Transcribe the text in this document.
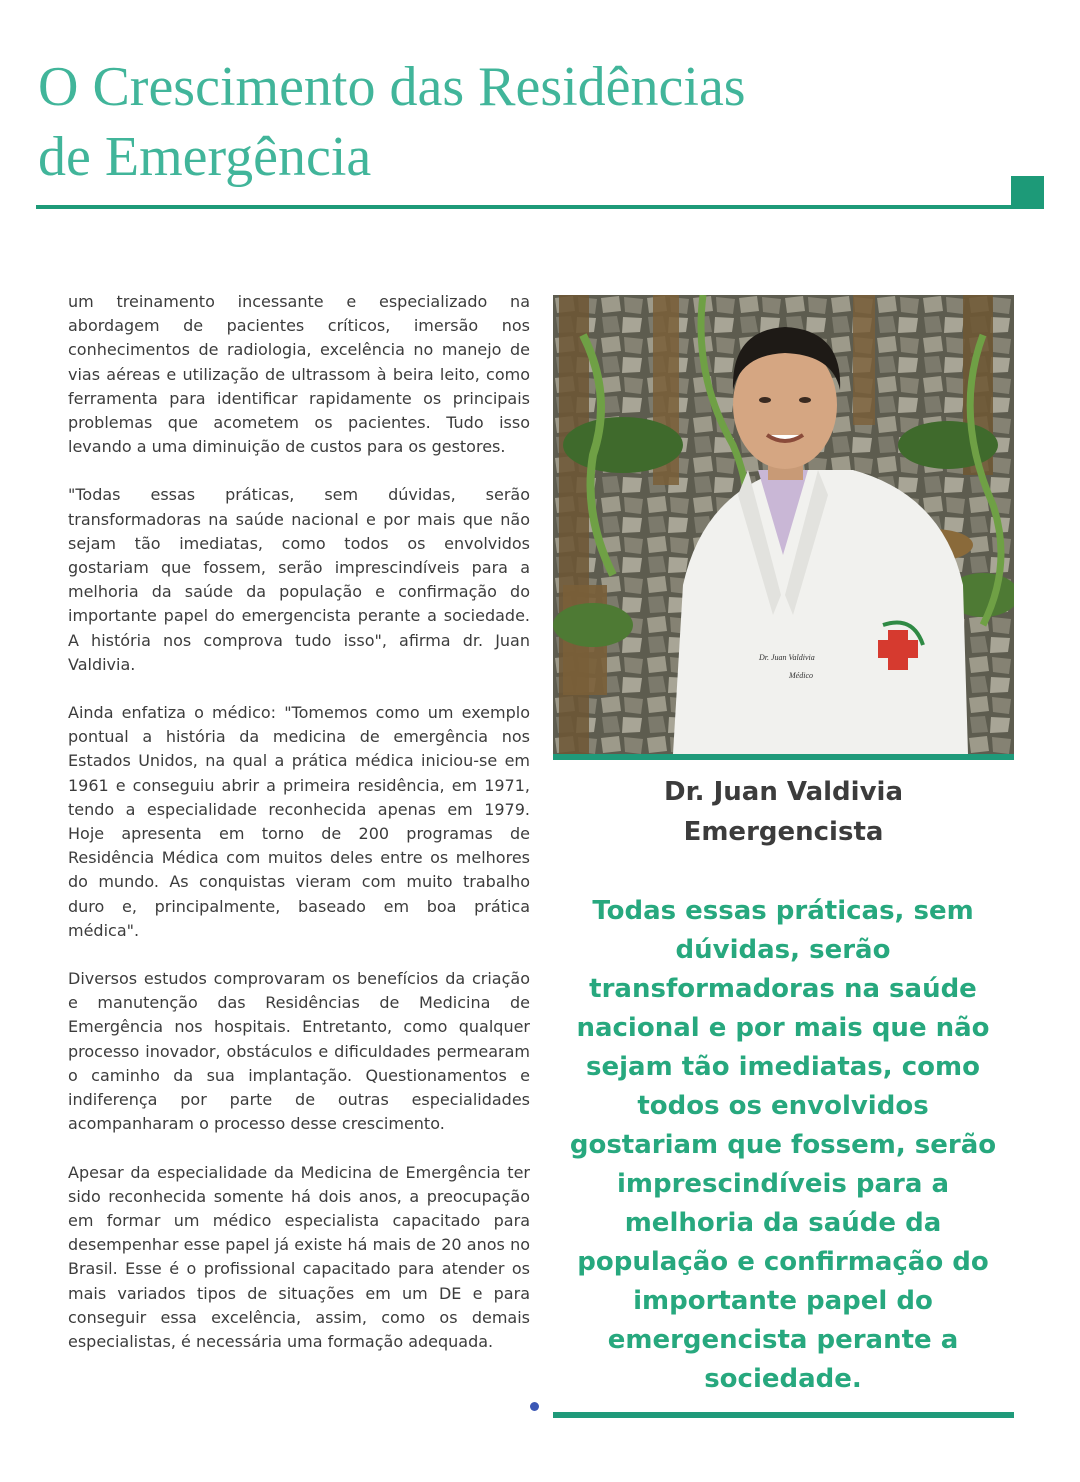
O Crescimento das Residências
de Emergência

um treinamento incessante e especializado na abordagem de pacientes críticos, imersão nos conhecimentos de radiologia, excelência no manejo de vias aéreas e utilização de ultrassom à beira leito, como ferramenta para identificar rapidamente os principais problemas que acometem os pacientes. Tudo isso levando a uma diminuição de custos para os gestores.

"Todas essas práticas, sem dúvidas, serão transformadoras na saúde nacional e por mais que não sejam tão imediatas, como todos os envolvidos gostariam que fossem, serão imprescindíveis para a melhoria da saúde da população e confirmação do importante papel do emergencista perante a sociedade. A história nos comprova tudo isso", afirma dr. Juan Valdivia.

Ainda enfatiza o médico: "Tomemos como um exemplo pontual a história da medicina de emergência nos Estados Unidos, na qual a prática médica iniciou-se em 1961 e conseguiu abrir a primeira residência, em 1971, tendo a especialidade reconhecida apenas em 1979. Hoje apresenta em torno de 200 programas de Residência Médica com muitos deles entre os melhores do mundo. As conquistas vieram com muito trabalho duro e, principalmente, baseado em boa prática médica".

Diversos estudos comprovaram os benefícios da criação e manutenção das Residências de Medicina de Emergência nos hospitais. Entretanto, como qualquer processo inovador, obstáculos e dificuldades permearam o caminho da sua implantação. Questionamentos e indiferença por parte de outras especialidades acompanharam o processo desse crescimento.

Apesar da especialidade da Medicina de Emergência ter sido reconhecida somente há dois anos, a preocupação em formar um médico especialista capacitado para desempenhar esse papel já existe há mais de 20 anos no Brasil. Esse é o profissional capacitado para atender os mais variados tipos de situações em um DE e para conseguir essa excelência, assim, como os demais especialistas, é necessária uma formação adequada.

Dr. Juan Valdivia
Médico
Dr. Juan Valdivia
Emergencista

Todas essas práticas, sem dúvidas, serão transformadoras na saúde nacional e por mais que não sejam tão imediatas, como todos os envolvidos gostariam que fossem, serão imprescindíveis para a melhoria da saúde da população e confirmação do importante papel do emergencista perante a sociedade.
